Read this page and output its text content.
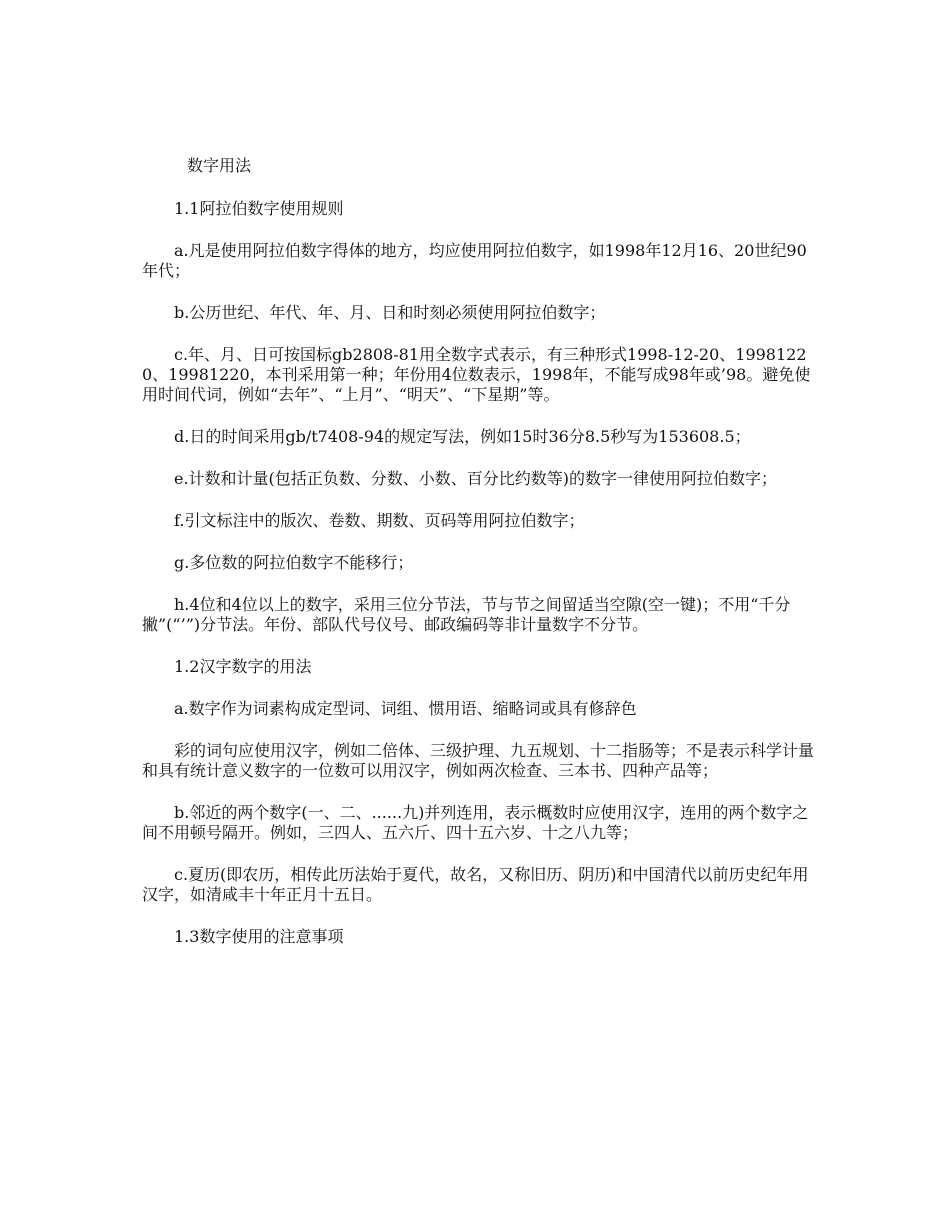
数字用法

1.1阿拉伯数字使用规则

a.凡是使用阿拉伯数字得体的地方，均应使用阿拉伯数字，如1998年12月16、20世纪90年代；

b.公历世纪、年代、年、月、日和时刻必须使用阿拉伯数字；

c.年、月、日可按国标gb2808-81用全数字式表示，有三种形式1998-12-20、19981220、19981220，本刊采用第一种；年份用4位数表示，1998年，不能写成98年或’98。避免使用时间代词，例如“去年”、“上月”、“明天”、“下星期”等。

d.日的时间采用gb/t7408-94的规定写法，例如15时36分8.5秒写为153608.5；

e.计数和计量(包括正负数、分数、小数、百分比约数等)的数字一律使用阿拉伯数字；

f.引文标注中的版次、卷数、期数、页码等用阿拉伯数字；

g.多位数的阿拉伯数字不能移行；

h.4位和4位以上的数字，采用三位分节法，节与节之间留适当空隙(空一键)；不用“千分撇”(“’”)分节法。年份、部队代号仪号、邮政编码等非计量数字不分节。

1.2汉字数字的用法

a.数字作为词素构成定型词、词组、惯用语、缩略词或具有修辞色

彩的词句应使用汉字，例如二倍体、三级护理、九五规划、十二指肠等；不是表示科学计量和具有统计意义数字的一位数可以用汉字，例如两次检查、三本书、四种产品等；

b.邻近的两个数字(一、二、......九)并列连用，表示概数时应使用汉字，连用的两个数字之间不用顿号隔开。例如，三四人、五六斤、四十五六岁、十之八九等；

c.夏历(即农历，相传此历法始于夏代，故名，又称旧历、阴历)和中国清代以前历史纪年用汉字，如清咸丰十年正月十五日。

1.3数字使用的注意事项
